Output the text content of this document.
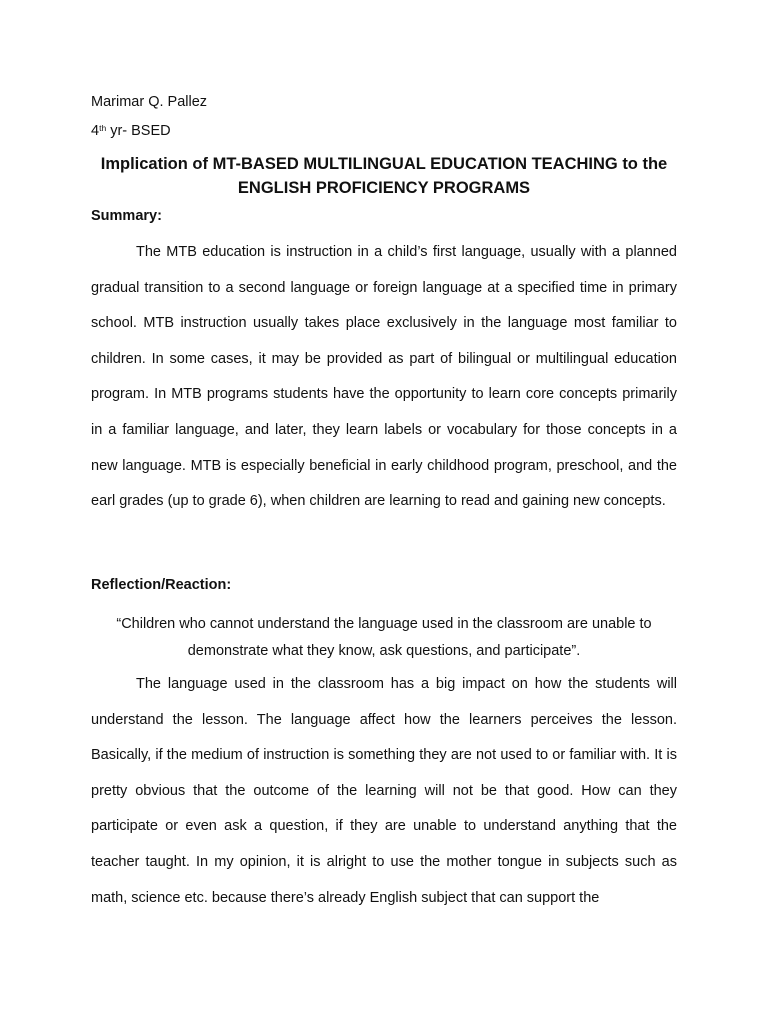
Marimar Q. Pallez
4th yr- BSED
Implication of MT-BASED MULTILINGUAL EDUCATION TEACHING to the ENGLISH PROFICIENCY PROGRAMS
Summary:

The MTB education is instruction in a child’s first language, usually with a planned gradual transition to a second language or foreign language at a specified time in primary school. MTB instruction usually takes place exclusively in the language most familiar to children. In some cases, it may be provided as part of bilingual or multilingual education program. In MTB programs students have the opportunity to learn core concepts primarily in a familiar language, and later, they learn labels or vocabulary for those concepts in a new language. MTB is especially beneficial in early childhood program, preschool, and the earl grades (up to grade 6), when children are learning to read and gaining new concepts.

Reflection/Reaction:

“Children who cannot understand the language used in the classroom are unable to demonstrate what they know, ask questions, and participate”.

The language used in the classroom has a big impact on how the students will understand the lesson. The language affect how the learners perceives the lesson. Basically, if the medium of instruction is something they are not used to or familiar with. It is pretty obvious that the outcome of the learning will not be that good. How can they participate or even ask a question, if they are unable to understand anything that the teacher taught. In my opinion, it is alright to use the mother tongue in subjects such as math, science etc. because there’s already English subject that can support the
